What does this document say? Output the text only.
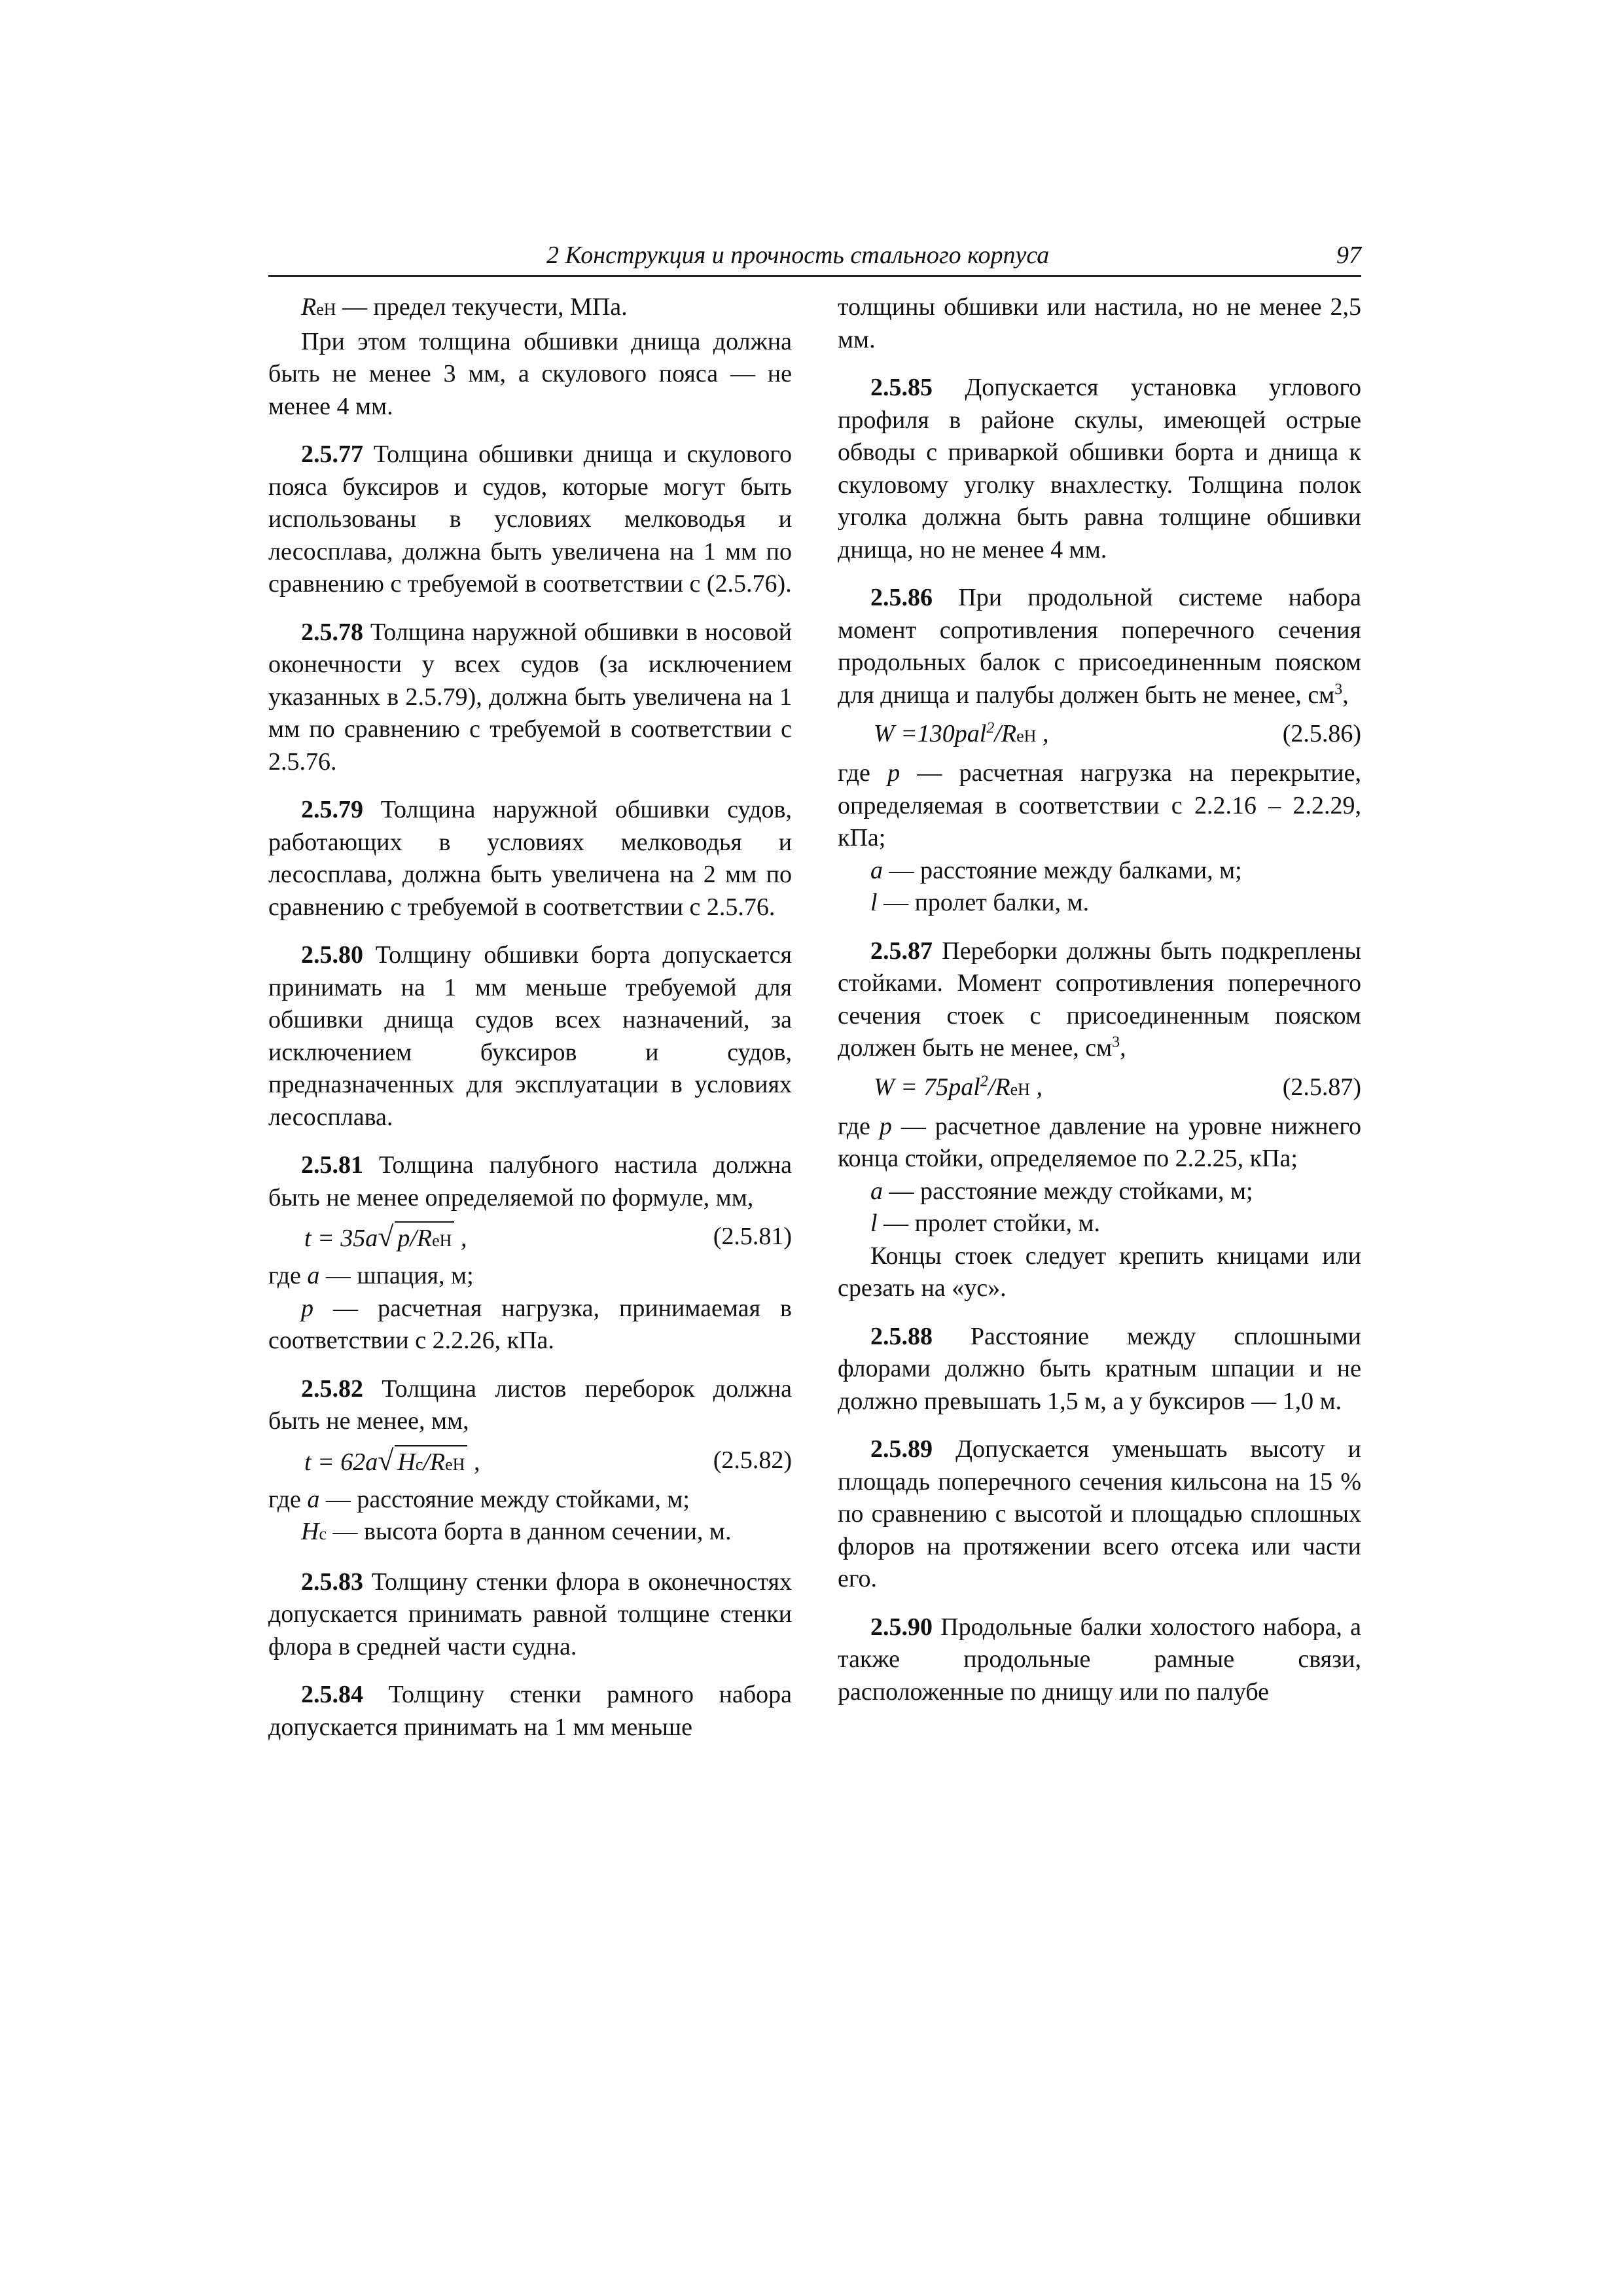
2 Конструкция и прочность стального корпуса	97

RеН — предел текучести, МПа.

При этом толщина обшивки днища должна быть не менее 3 мм, а скулового пояса — не менее 4 мм.

2.5.77 Толщина обшивки днища и скулового пояса буксиров и судов, которые могут быть использованы в условиях мелководья и лесосплава, должна быть увеличена на 1 мм по сравнению с требуемой в соответствии с (2.5.76).

2.5.78 Толщина наружной обшивки в носовой оконечности у всех судов (за исключением указанных в 2.5.79), должна быть увеличена на 1 мм по сравнению с требуемой в соответствии с 2.5.76.

2.5.79 Толщина наружной обшивки судов, работающих в условиях мелководья и лесосплава, должна быть увеличена на 2 мм по сравнению с требуемой в соответствии с 2.5.76.

2.5.80 Толщину обшивки борта допускается принимать на 1 мм меньше требуемой для обшивки днища судов всех назначений, за исключением буксиров и судов, предназначенных для эксплуатации в условиях лесосплава.

2.5.81 Толщина палубного настила должна быть не менее определяемой по формуле, мм,

t = 35a√ p/RеН ,	(2.5.81)

где a — шпация, м;

p — расчетная нагрузка, принимаемая в соответствии с 2.2.26, кПа.

2.5.82 Толщина листов переборок должна быть не менее, мм,

t = 62a√ Hс/RеН ,	(2.5.82)

где a — расстояние между стойками, м;

Hс — высота борта в данном сечении, м.

2.5.83 Толщину стенки флора в оконечностях допускается принимать равной толщине стенки флора в средней части судна.

2.5.84 Толщину стенки рамного набора допускается принимать на 1 мм меньше

толщины обшивки или настила, но не менее 2,5 мм.

2.5.85 Допускается установка углового профиля в районе скулы, имеющей острые обводы с приваркой обшивки борта и днища к скуловому уголку внахлестку. Толщина полок уголка должна быть равна толщине обшивки днища, но не менее 4 мм.

2.5.86 При продольной системе набора момент сопротивления поперечного сечения продольных балок с присоединенным пояском для днища и палубы должен быть не менее, $см^3$,

W =130pal$^2$/RеН ,	(2.5.86)

где p — расчетная нагрузка на перекрытие, определяемая в соответствии с 2.2.16 – 2.2.29, кПа;

a — расстояние между балками, м;

l — пролет балки, м.

2.5.87 Переборки должны быть подкреплены стойками. Момент сопротивления поперечного сечения стоек с присоединенным пояском должен быть не менее, $см^3$,

W = 75pal$^2$/RеН ,	(2.5.87)

где p — расчетное давление на уровне нижнего конца стойки, определяемое по 2.2.25, кПа;

a — расстояние между стойками, м;

l — пролет стойки, м.

Концы стоек следует крепить кницами или срезать на «ус».

2.5.88 Расстояние между сплошными флорами должно быть кратным шпации и не должно превышать 1,5 м, а у буксиров — 1,0 м.

2.5.89 Допускается уменьшать высоту и площадь поперечного сечения кильсона на 15 % по сравнению с высотой и площадью сплошных флоров на протяжении всего отсека или части его.

2.5.90 Продольные балки холостого набора, а также продольные рамные связи, расположенные по днищу или по палубе
